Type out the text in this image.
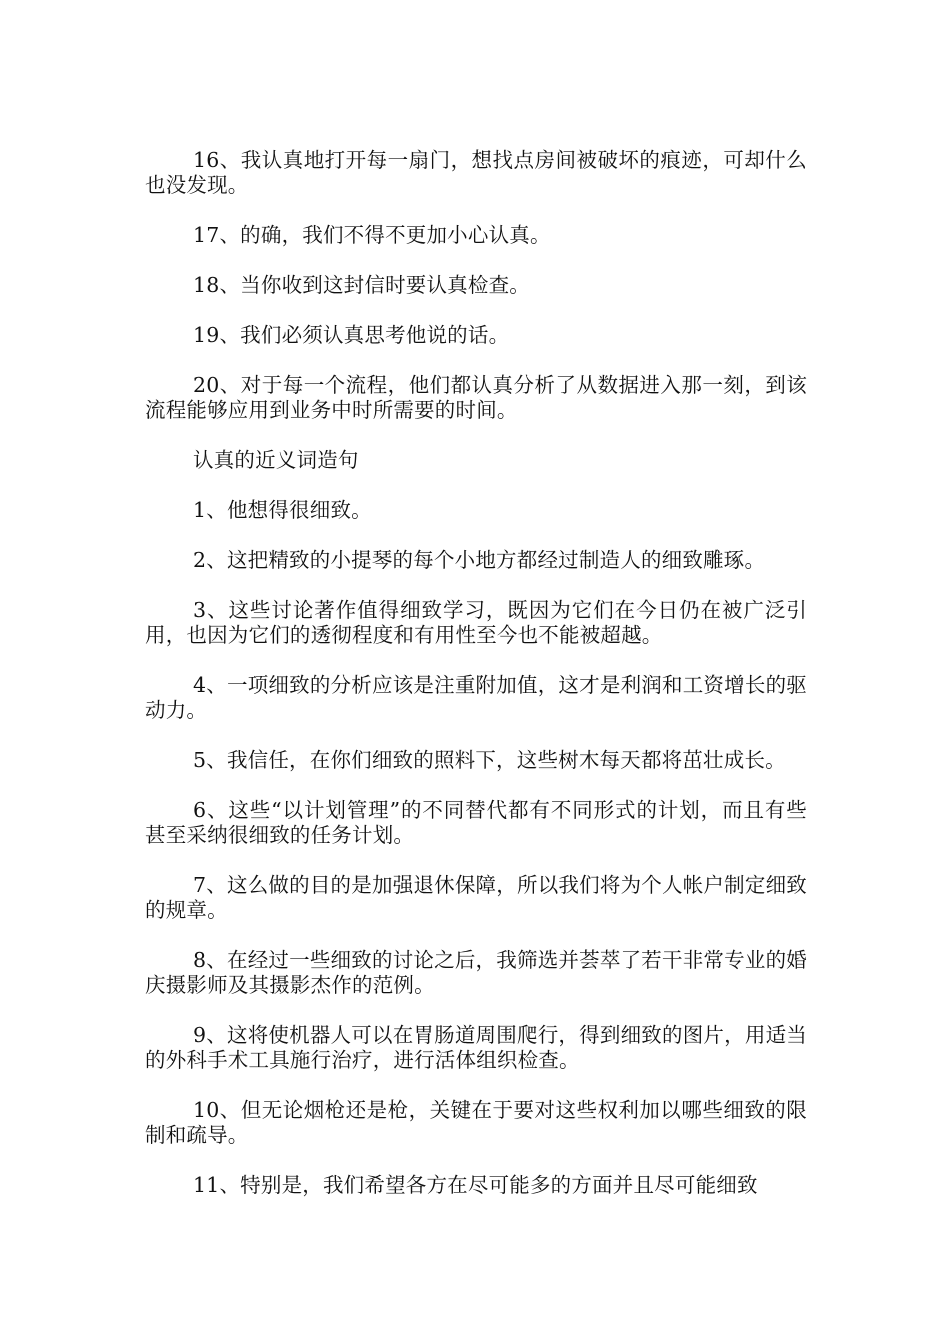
16、我认真地打开每一扇门，想找点房间被破坏的痕迹，可却什么也没发现。

17、的确，我们不得不更加小心认真。

18、当你收到这封信时要认真检查。

19、我们必须认真思考他说的话。

20、对于每一个流程，他们都认真分析了从数据进入那一刻，到该流程能够应用到业务中时所需要的时间。

认真的近义词造句

1、他想得很细致。

2、这把精致的小提琴的每个小地方都经过制造人的细致雕琢。

3、这些讨论著作值得细致学习，既因为它们在今日仍在被广泛引用，也因为它们的透彻程度和有用性至今也不能被超越。

4、一项细致的分析应该是注重附加值，这才是利润和工资增长的驱动力。

5、我信任，在你们细致的照料下，这些树木每天都将茁壮成长。

6、这些“以计划管理”的不同替代都有不同形式的计划，而且有些甚至采纳很细致的任务计划。

7、这么做的目的是加强退休保障，所以我们将为个人帐户制定细致的规章。

8、在经过一些细致的讨论之后，我筛选并荟萃了若干非常专业的婚庆摄影师及其摄影杰作的范例。

9、这将使机器人可以在胃肠道周围爬行，得到细致的图片，用适当的外科手术工具施行治疗，进行活体组织检查。

10、但无论烟枪还是枪，关键在于要对这些权利加以哪些细致的限制和疏导。

11、特别是，我们希望各方在尽可能多的方面并且尽可能细致
